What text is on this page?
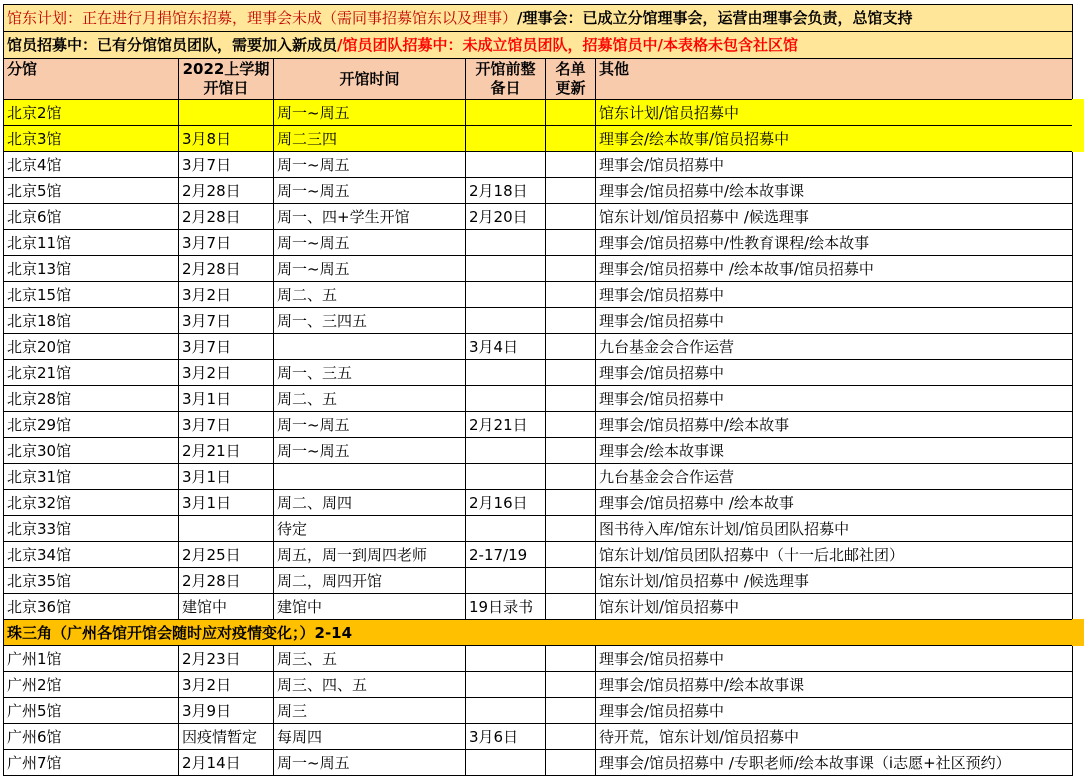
馆东计划：正在进行月捐馆东招募，理事会未成（需同事招募馆东以及理事）/理事会：已成立分馆理事会，运营由理事会负责，总馆支持					
馆员招募中：已有分馆馆员团队，需要加入新成员/馆员团队招募中：未成立馆员团队，招募馆员中/本表格未包含社区馆					
分馆	2022上学期开馆日	开馆时间	开馆前整备日	名单更新	其他
北京2馆		周一~周五			馆东计划/馆员招募中
北京3馆	3月8日	周二三四			理事会/绘本故事/馆员招募中
北京4馆	3月7日	周一~周五			理事会/馆员招募中
北京5馆	2月28日	周一~周五	2月18日		理事会/馆员招募中/绘本故事课
北京6馆	2月28日	周一、四+学生开馆	2月20日		馆东计划/馆员招募中 /候选理事
北京11馆	3月7日	周一~周五			理事会/馆员招募中/性教育课程/绘本故事
北京13馆	2月28日	周一~周五			理事会/馆员招募中 /绘本故事/馆员招募中
北京15馆	3月2日	周二、五			理事会/馆员招募中
北京18馆	3月7日	周一、三四五			理事会/馆员招募中
北京20馆	3月7日		3月4日		九台基金会合作运营
北京21馆	3月2日	周一、三五			理事会/馆员招募中
北京28馆	3月1日	周二、五			理事会/馆员招募中
北京29馆	3月7日	周一~周五	2月21日		理事会/馆员招募中/绘本故事
北京30馆	2月21日	周一~周五			理事会/绘本故事课
北京31馆	3月1日				九台基金会合作运营
北京32馆	3月1日	周二、周四	2月16日		理事会/馆员招募中 /绘本故事
北京33馆		待定			图书待入库/馆东计划/馆员团队招募中
北京34馆	2月25日	周五，周一到周四老师	2-17/19		馆东计划/馆员团队招募中（十一后北邮社团）
北京35馆	2月28日	周二，周四开馆			馆东计划/馆员招募中 /候选理事
北京36馆	建馆中	建馆中	19日录书		馆东计划/馆员招募中
珠三角（广州各馆开馆会随时应对疫情变化；）2-14					
广州1馆	2月23日	周三、五			理事会/馆员招募中
广州2馆	3月2日	周三、四、五			理事会/馆员招募中/绘本故事课
广州5馆	3月9日	周三			理事会/馆员招募中
广州6馆	因疫情暂定	每周四	3月6日		待开荒，馆东计划/馆员招募中
广州7馆	2月14日	周一~周五			理事会/馆员招募中 /专职老师/绘本故事课（i志愿+社区预约）
